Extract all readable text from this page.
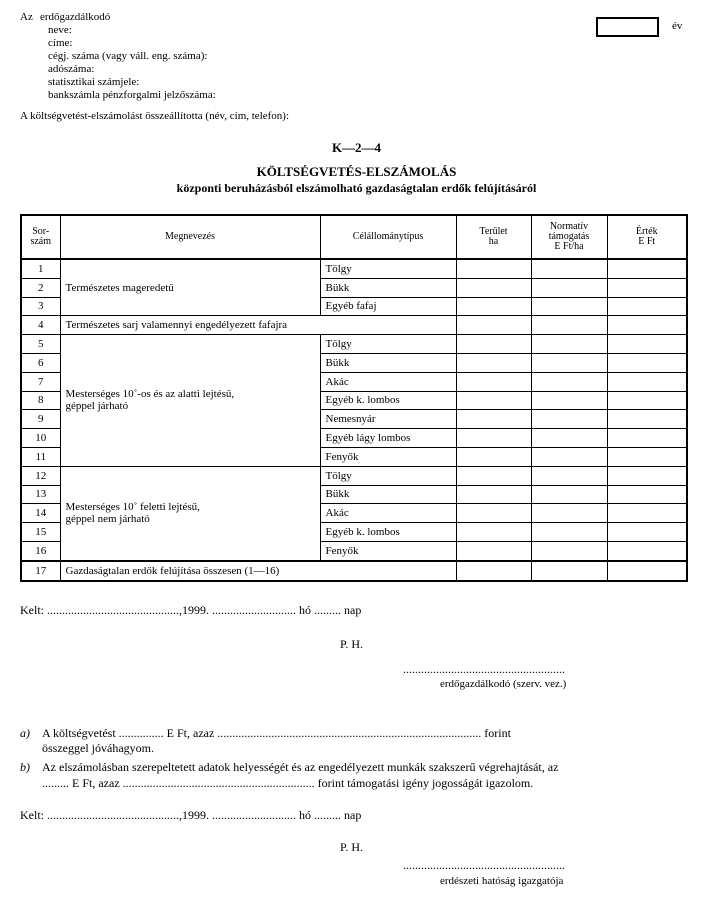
Az erdőgazdálkodó
neve:
címe:
cégj. száma (vagy váll. eng. száma):
adószáma:
statisztikai számjele:
bankszámla pénzforgalmi jelzőszáma:
A költségvetést-elszámolást összeállította (név, cím, telefon):
év
K—2—4
KÖLTSÉGVETÉS-ELSZÁMOLÁS
központi beruházásból elszámolható gazdaságtalan erdők felújításáról
Sor-
szám	Megnevezés	Célállománytípus	Terület
ha	Normatív
támogatás
E Ft/ha	Érték
E Ft
1	Természetes mageredetű	Tölgy			
2		Bükk			
3		Egyéb fafaj			
4	Természetes sarj valamennyi engedélyezett fafajra				
5	Mesterséges 10˚-os és az alatti lejtésű,
géppel járható	Tölgy			
6		Bükk			
7		Akác			
8		Egyéb k. lombos			
9		Nemesnyár			
10		Egyéb lágy lombos			
11		Fenyők			
12	Mesterséges 10˚ feletti lejtésű,
géppel nem járható	Tölgy			
13		Bükk			
14		Akác			
15		Egyéb k. lombos			
16		Fenyők			
17	Gazdaságtalan erdők felújítása összesen (1—16)				
Kelt: ............................................,1999. ............................ hó ......... nap
P. H.
......................................................
erdőgazdálkodó (szerv. vez.)
a) A költségvetést ............... E Ft, azaz ........................................................................................ forint
összeggel jóváhagyom.
b) Az elszámolásban szerepeltetett adatok helyességét és az engedélyezett munkák szakszerű végrehajtását, az
......... E Ft, azaz ................................................................ forint támogatási igény jogosságát igazolom.
Kelt: ............................................,1999. ............................ hó ......... nap
P. H.
......................................................
erdészeti hatóság igazgatója
